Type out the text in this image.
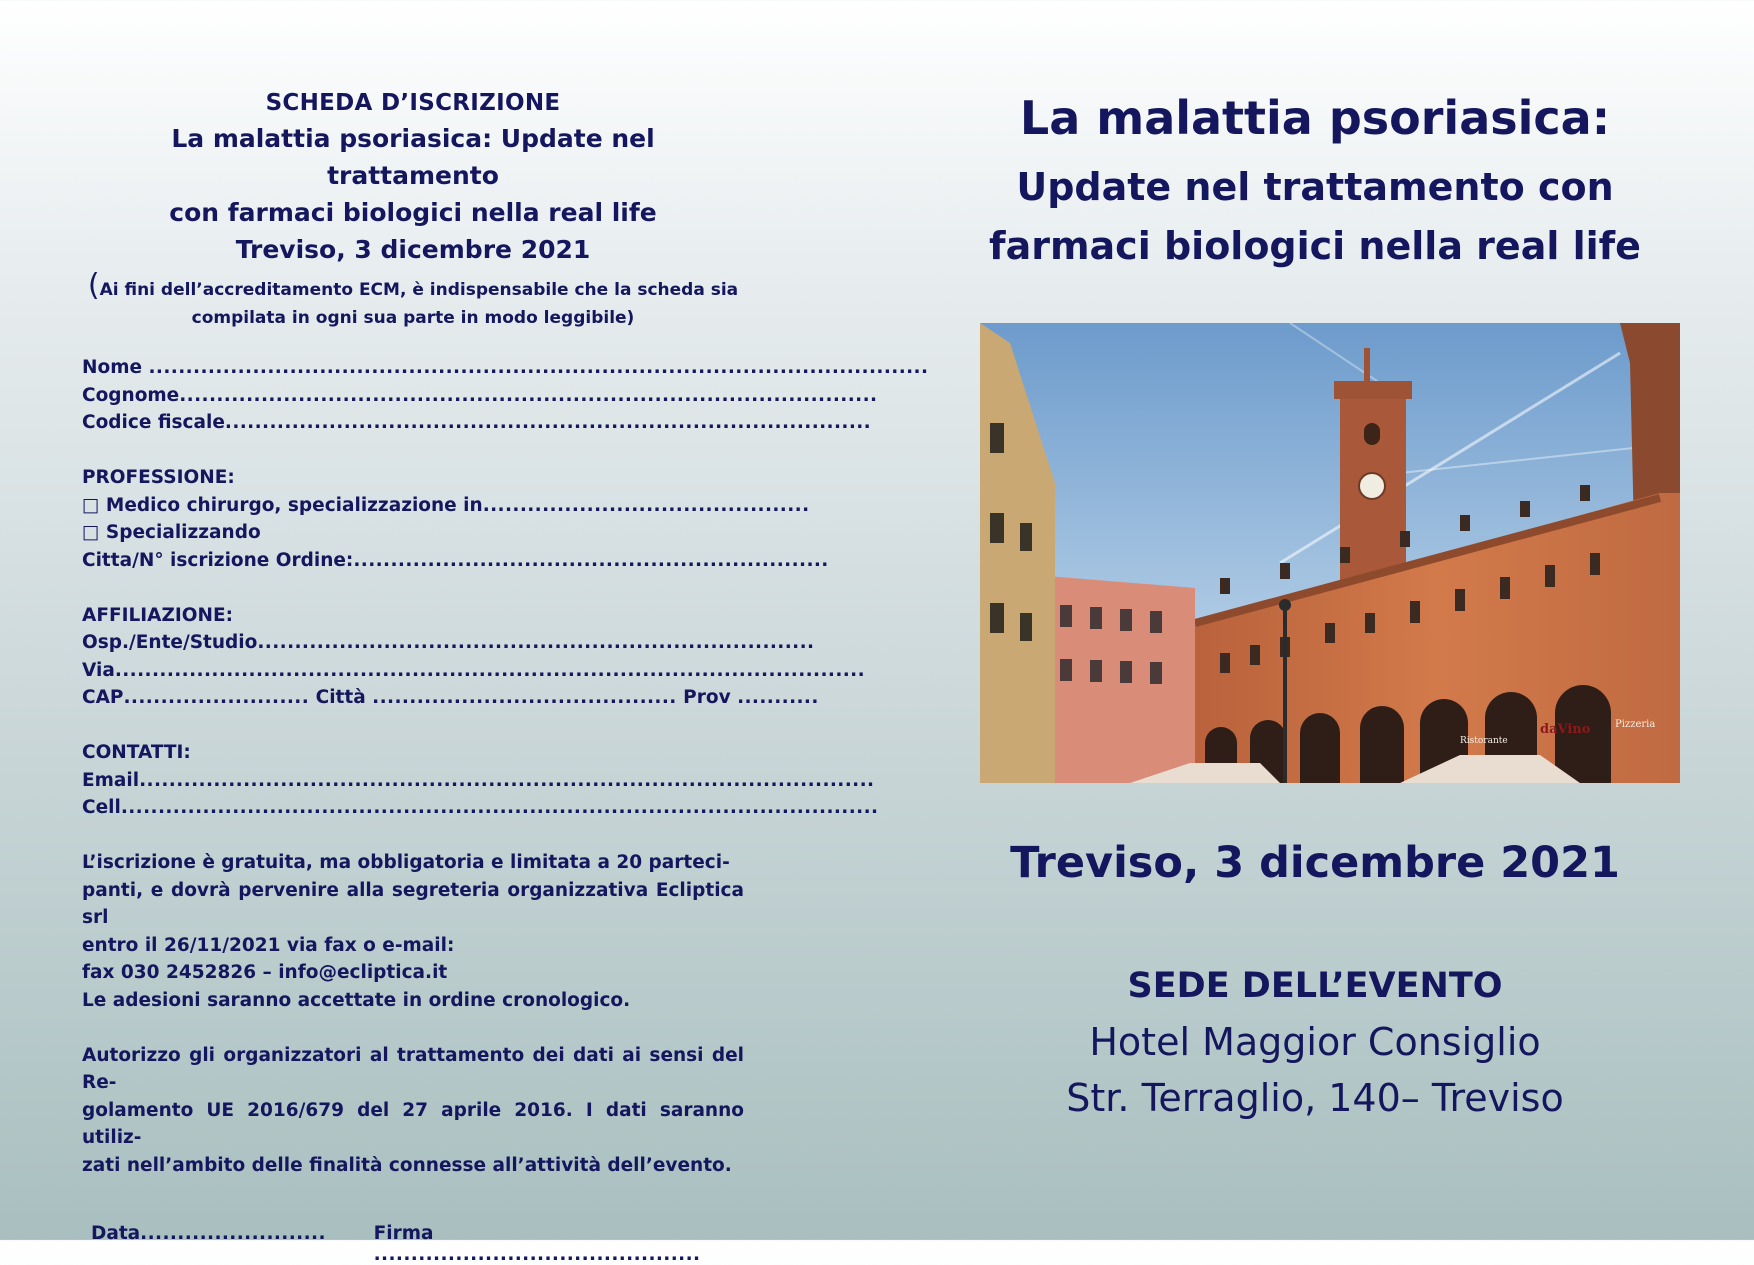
SCHEDA D’ISCRIZIONE
La malattia psoriasica: Update nel trattamento
con farmaci biologici nella real life
Treviso, 3 dicembre 2021
(Ai fini dell’accreditamento ECM, è indispensabile che la scheda sia
compilata in ogni sua parte in modo leggibile)
Nome .........................................................................................................
Cognome..............................................................................................
Codice fiscale.......................................................................................
PROFESSIONE:
□ Medico chirurgo, specializzazione in............................................
□ Specializzando
Citta/N° iscrizione Ordine:................................................................
AFFILIAZIONE:
Osp./Ente/Studio...........................................................................
Via.....................................................................................................
CAP......................... Città ......................................... Prov ...........
CONTATTI:
Email...................................................................................................
Cell......................................................................................................
L’iscrizione è gratuita, ma obbligatoria e limitata a 20 parteci-
panti, e dovrà pervenire alla segreteria organizzativa Ecliptica srl
entro il 26/11/2021 via fax o e-mail:
fax 030 2452826 – info@ecliptica.it
Le adesioni saranno accettate in ordine cronologico.
Autorizzo gli organizzatori al trattamento dei dati ai sensi del Re-
golamento UE 2016/679 del 27 aprile 2016. I dati saranno utiliz-
zati nell’ambito delle finalità connesse all’attività dell’evento.
Data.........................	Firma ............................................
La malattia psoriasica:
Update nel trattamento con
farmaci biologici nella real life
Ristorante
daVino Pizzeria
Treviso, 3 dicembre 2021
SEDE DELL’EVENTO
Hotel Maggior Consiglio
Str. Terraglio, 140– Treviso
